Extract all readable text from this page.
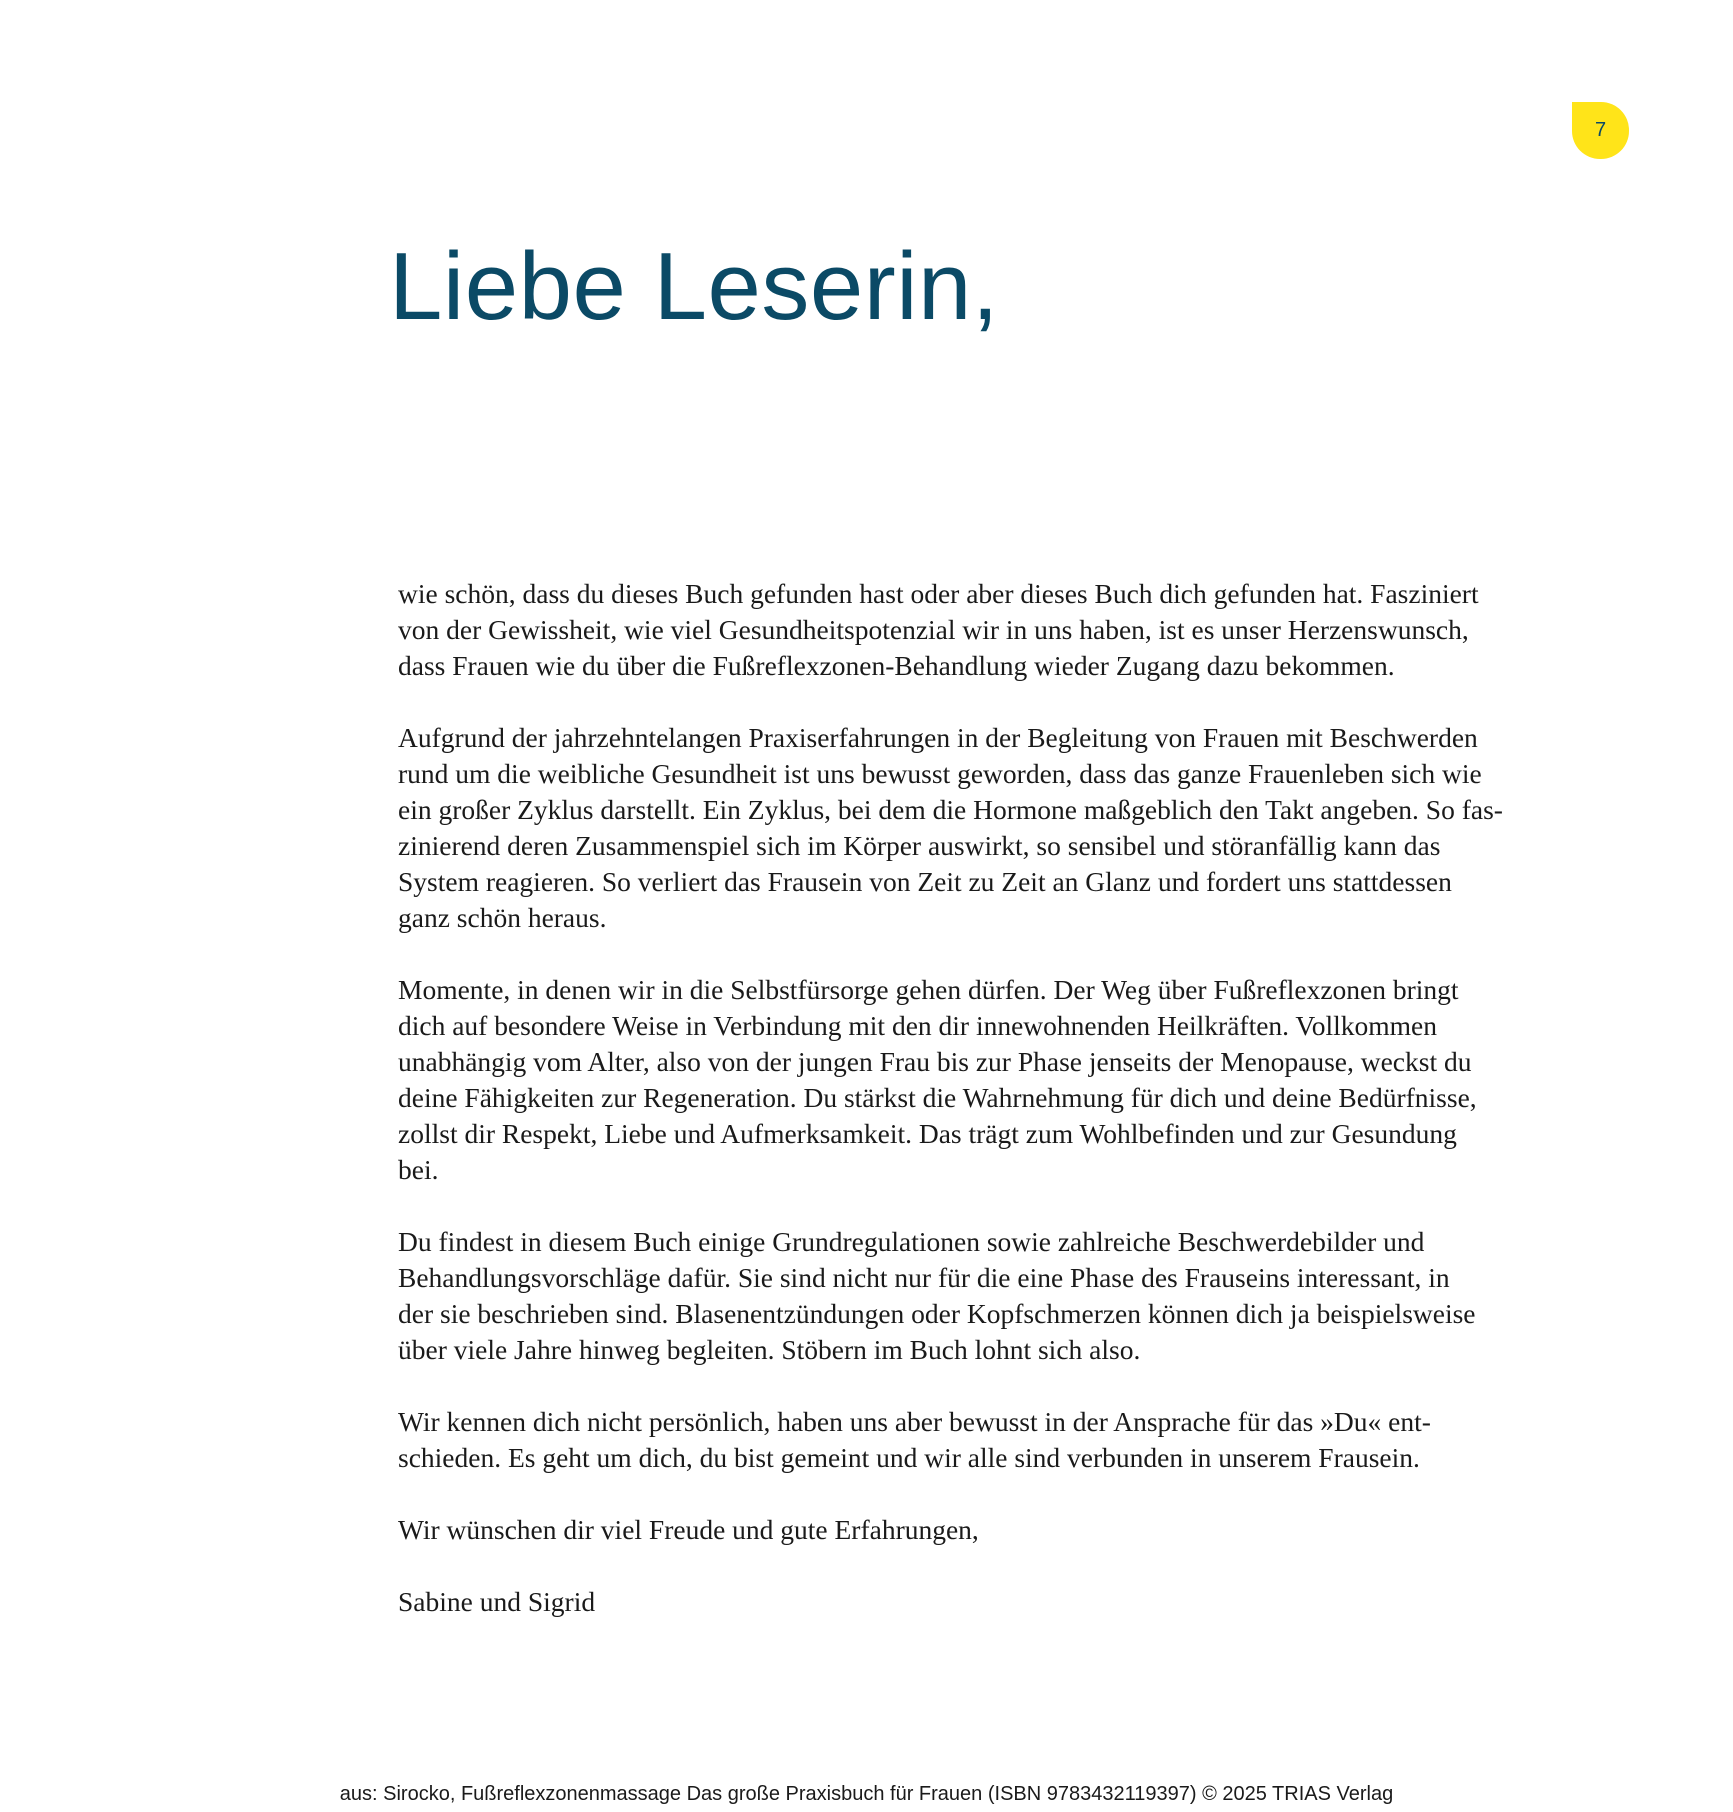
7
Liebe Leserin,

wie schön, dass du dieses Buch gefunden hast oder aber dieses Buch dich gefunden hat. Fasziniert
von der Gewissheit, wie viel Gesundheitspotenzial wir in uns haben, ist es unser Herzenswunsch,
dass Frauen wie du über die Fußreflexzonen-Behandlung wieder Zugang dazu bekommen.

Aufgrund der jahrzehntelangen Praxiserfahrungen in der Begleitung von Frauen mit Beschwerden
rund um die weibliche Gesundheit ist uns bewusst geworden, dass das ganze Frauenleben sich wie
ein großer Zyklus darstellt. Ein Zyklus, bei dem die Hormone maßgeblich den Takt angeben. So fas-
zinierend deren Zusammenspiel sich im Körper auswirkt, so sensibel und störanfällig kann das
System reagieren. So verliert das Frausein von Zeit zu Zeit an Glanz und fordert uns stattdessen
ganz schön heraus.

Momente, in denen wir in die Selbstfürsorge gehen dürfen. Der Weg über Fußreflexzonen bringt
dich auf besondere Weise in Verbindung mit den dir innewohnenden Heilkräften. Vollkommen
unabhängig vom Alter, also von der jungen Frau bis zur Phase jenseits der Menopause, weckst du
deine Fähigkeiten zur Regeneration. Du stärkst die Wahrnehmung für dich und deine Bedürfnisse,
zollst dir Respekt, Liebe und Aufmerksamkeit. Das trägt zum Wohlbefinden und zur Gesundung
bei.

Du findest in diesem Buch einige Grundregulationen sowie zahlreiche Beschwerdebilder und
Behandlungsvorschläge dafür. Sie sind nicht nur für die eine Phase des Frauseins interessant, in
der sie beschrieben sind. Blasenentzündungen oder Kopfschmerzen können dich ja beispielsweise
über viele Jahre hinweg begleiten. Stöbern im Buch lohnt sich also.

Wir kennen dich nicht persönlich, haben uns aber bewusst in der Ansprache für das »Du« ent-
schieden. Es geht um dich, du bist gemeint und wir alle sind verbunden in unserem Frausein.

Wir wünschen dir viel Freude und gute Erfahrungen,

Sabine und Sigrid

aus: Sirocko, Fußreflexzonenmassage Das große Praxisbuch für Frauen (ISBN 9783432119397) © 2025 TRIAS Verlag
